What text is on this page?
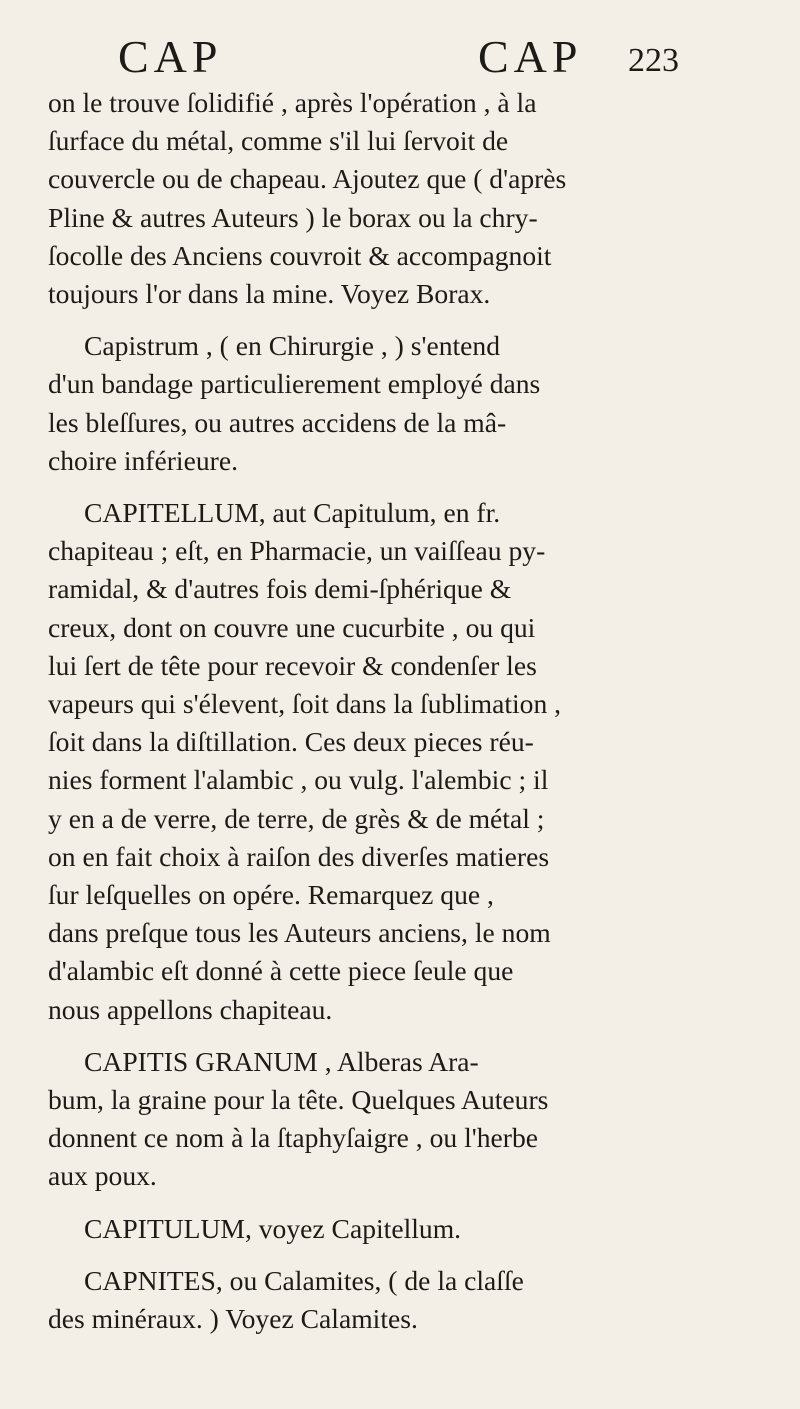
CAP	CAP 223

on le trouve ſolidifié , après l'opération , à la
ſurface du métal, comme s'il lui ſervoit de
couvercle ou de chapeau. Ajoutez que ( d'après
Pline & autres Auteurs ) le borax ou la chry-
ſocolle des Anciens couvroit & accompagnoit
toujours l'or dans la mine. Voyez Borax.

Capistrum , ( en Chirurgie , ) s'entend
d'un bandage particulierement employé dans
les bleſſures, ou autres accidens de la mâ-
choire inférieure.

CAPITELLUM, aut Capitulum, en fr.
chapiteau ; eſt, en Pharmacie, un vaiſſeau py-
ramidal, & d'autres fois demi-ſphérique &
creux, dont on couvre une cucurbite , ou qui
lui ſert de tête pour recevoir & condenſer les
vapeurs qui s'élevent, ſoit dans la ſublimation ,
ſoit dans la diſtillation. Ces deux pieces réu-
nies forment l'alambic , ou vulg. l'alembic ; il
y en a de verre, de terre, de grès & de métal ;
on en fait choix à raiſon des diverſes matieres
ſur leſquelles on opére. Remarquez que ,
dans preſque tous les Auteurs anciens, le nom
d'alambic eſt donné à cette piece ſeule que
nous appellons chapiteau.

CAPITIS GRANUM , Alberas Ara-
bum, la graine pour la tête. Quelques Auteurs
donnent ce nom à la ſtaphyſaigre , ou l'herbe
aux poux.

CAPITULUM, voyez Capitellum.

CAPNITES, ou Calamites, ( de la claſſe
des minéraux. ) Voyez Calamites.
